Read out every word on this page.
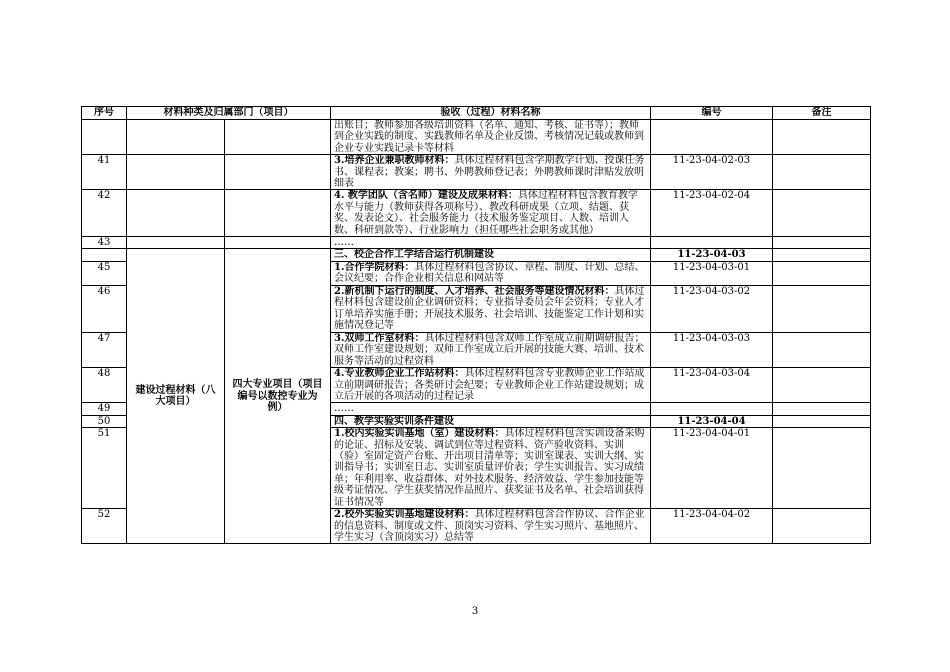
序号	材料种类及归属部门（项目）		验收（过程）材料名称	编号	备注
			出账目；教师参加各级培训资料（名单、通知、考核、证书等）；教师到企业实践的制度、实践教师名单及企业反馈、考核情况记载或教师到企业专业实践记录卡等材料		
41			3.培养企业兼职教师材料：具体过程材料包含学期教学计划、授课任务书、课程表；教案；聘书、外聘教师登记表；外聘教师课时津贴发放明细表	11-23-04-02-03	
42			4. 教学团队（含名师）建设及成果材料：具体过程材料包含教育教学水平与能力（教师获得各项称号）、教改科研成果（立项、结题、获奖、发表论文）、社会服务能力（技术服务鉴定项目、人数、培训人数、科研到款等）、行业影响力（担任哪些社会职务或其他）	11-23-04-02-04	
43			……		
	建设过程材料（八大项目）	四大专业项目（项目编号以数控专业为例）	三、校企合作工学结合运行机制建设	11-23-04-03	
45			1.合作学院材料：具体过程材料包含协议、章程、制度、计划、总结、会议纪要；合作企业相关信息和网站等	11-23-04-03-01	
46			2.新机制下运行的制度、人才培养、社会服务等建设情况材料：具体过程材料包含建设前企业调研资料；专业指导委员会年会资料；专业人才订单培养实施手册；开展技术服务、社会培训、技能鉴定工作计划和实施情况登记等	11-23-04-03-02	
47			3.双师工作室材料：具体过程材料包含双师工作室成立前期调研报告；双师工作室建设规划；双师工作室成立后开展的技能大赛、培训、技术服务等活动的过程资料	11-23-04-03-03	
48			4.专业教师企业工作站材料：具体过程材料包含专业教师企业工作站成立前期调研报告；各类研讨会纪要；专业教师企业工作站建设规划；成立后开展的各项活动的过程记录	11-23-04-03-04	
49			……		
50			四、教学实验实训条件建设	11-23-04-04	
51			1.校内实验实训基地（室）建设材料：具体过程材料包含实训设备采购的论证、招标及安装、调试到位等过程资料、资产验收资料、实训（验）室固定资产台账、开出项目清单等；实训室课表、实训大纲、实训指导书；实训室日志、实训室质量评价表；学生实训报告、实习成绩单；年利用率、收益群体、对外技术服务、经济效益、学生参加技能等级考证情况、学生获奖情况作品照片、获奖证书及名单、社会培训获得证书情况等	11-23-04-04-01	
52			2.校外实验实训基地建设材料：具体过程材料包含合作协议、合作企业的信息资料、制度或文件、顶岗实习资料、学生实习照片、基地照片、学生实习（含顶岗实习）总结等	11-23-04-04-02	
3
